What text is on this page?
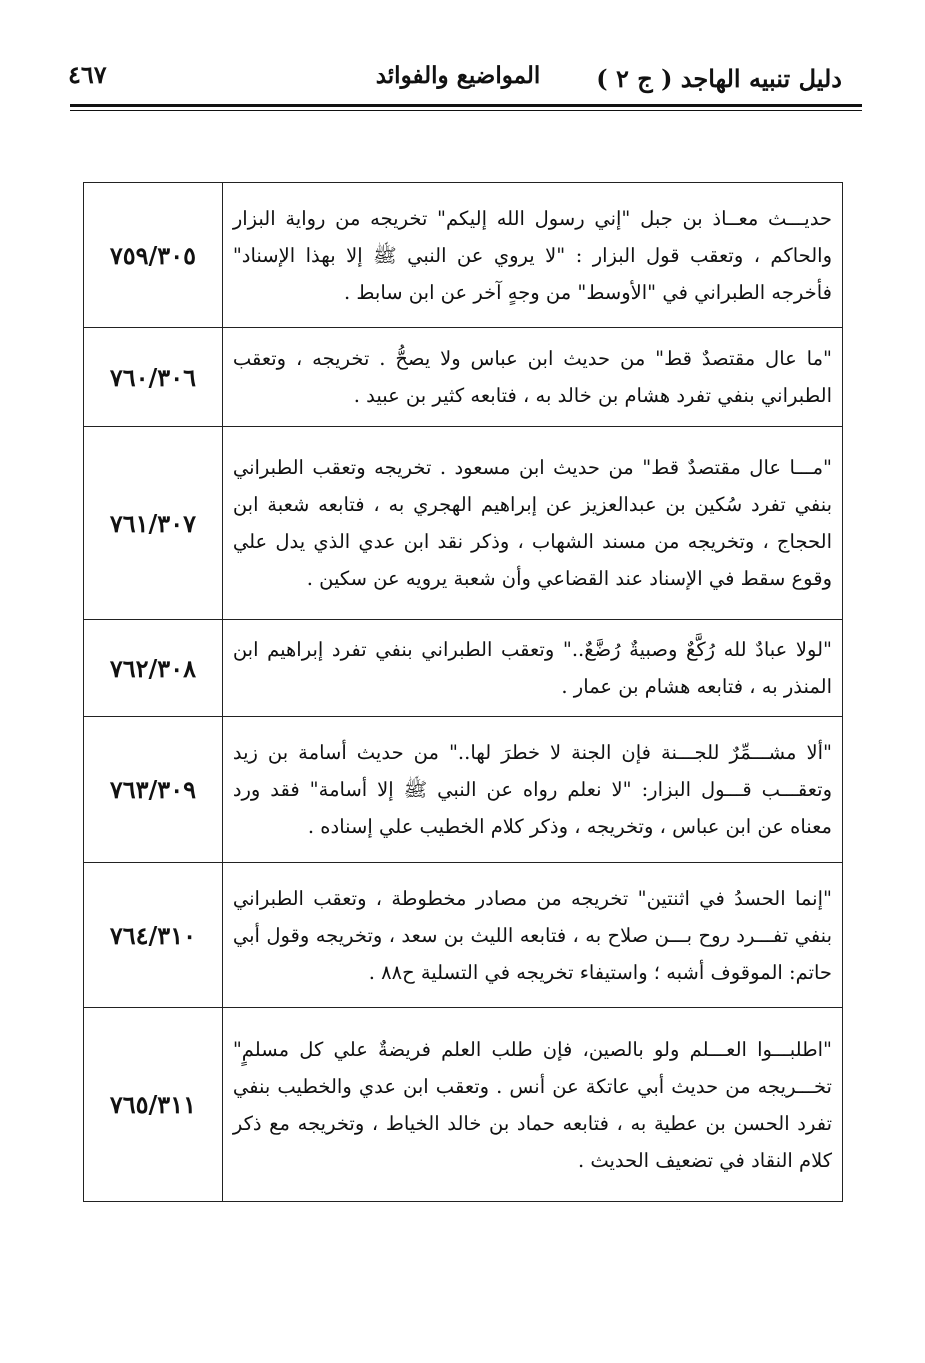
دليل تنبيه الهاجد ( ج ٢ )
المواضيع والفوائد
٤٦٧
حديـــث معــاذ بن جبل "إني رسول الله إليكم" تخريجه من رواية البزار والحاكم ، وتعقب قول البزار : "لا يروي عن النبي ﷺ إلا بهذا الإسناد" فأخرجه الطبراني في "الأوسط" من وجهٍ آخر عن ابن سابط .	٧٥٩/٣٠٥
"ما عال مقتصدٌ قط" من حديث ابن عباس ولا يصحُّ . تخريجه ، وتعقب الطبراني بنفي تفرد هشام بن خالد به ، فتابعه كثير بن عبيد .	٧٦٠/٣٠٦
"مـــا عال مقتصدٌ قط" من حديث ابن مسعود . تخريجه وتعقب الطبراني بنفي تفرد سُكين بن عبدالعزيز عن إبراهيم الهجري به ، فتابعه شعبة ابن الحجاج ، وتخريجه من مسند الشهاب ، وذكر نقد ابن عدي الذي يدل علي وقوع سقط في الإسناد عند القضاعي وأن شعبة يرويه عن سكين .	٧٦١/٣٠٧
"لولا عبادٌ لله رُكَّعٌ وصبيةٌ رُضَّعٌ.." وتعقب الطبراني بنفي تفرد إبراهيم ابن المنذر به ، فتابعه هشام بن عمار .	٧٦٢/٣٠٨
"ألا مشـــمِّرٌ للجـــنة فإن الجنة لا خطرَ لها.." من حديث أسامة بن زيد وتعقـــب قـــول البزار: "لا نعلم رواه عن النبي ﷺ إلا أسامة" فقد ورد معناه عن ابن عباس ، وتخريجه ، وذكر كلام الخطيب علي إسناده .	٧٦٣/٣٠٩
"إنما الحسدُ في اثنتين" تخريجه من مصادر مخطوطة ، وتعقب الطبراني بنفي تفـــرد روح بـــن صلاح به ، فتابعه الليث بن سعد ، وتخريجه وقول أبي حاتم: الموقوف أشبه ؛ واستيفاء تخريجه في التسلية ح٨٨ .	٧٦٤/٣١٠
"اطلبـــوا العـــلم ولو بالصين، فإن طلب العلم فريضةٌ علي كل مسلمٍ" تخـــريجه من حديث أبي عاتكة عن أنس . وتعقب ابن عدي والخطيب بنفي تفرد الحسن بن عطية به ، فتابعه حماد بن خالد الخياط ، وتخريجه مع ذكر كلام النقاد في تضعيف الحديث .	٧٦٥/٣١١
